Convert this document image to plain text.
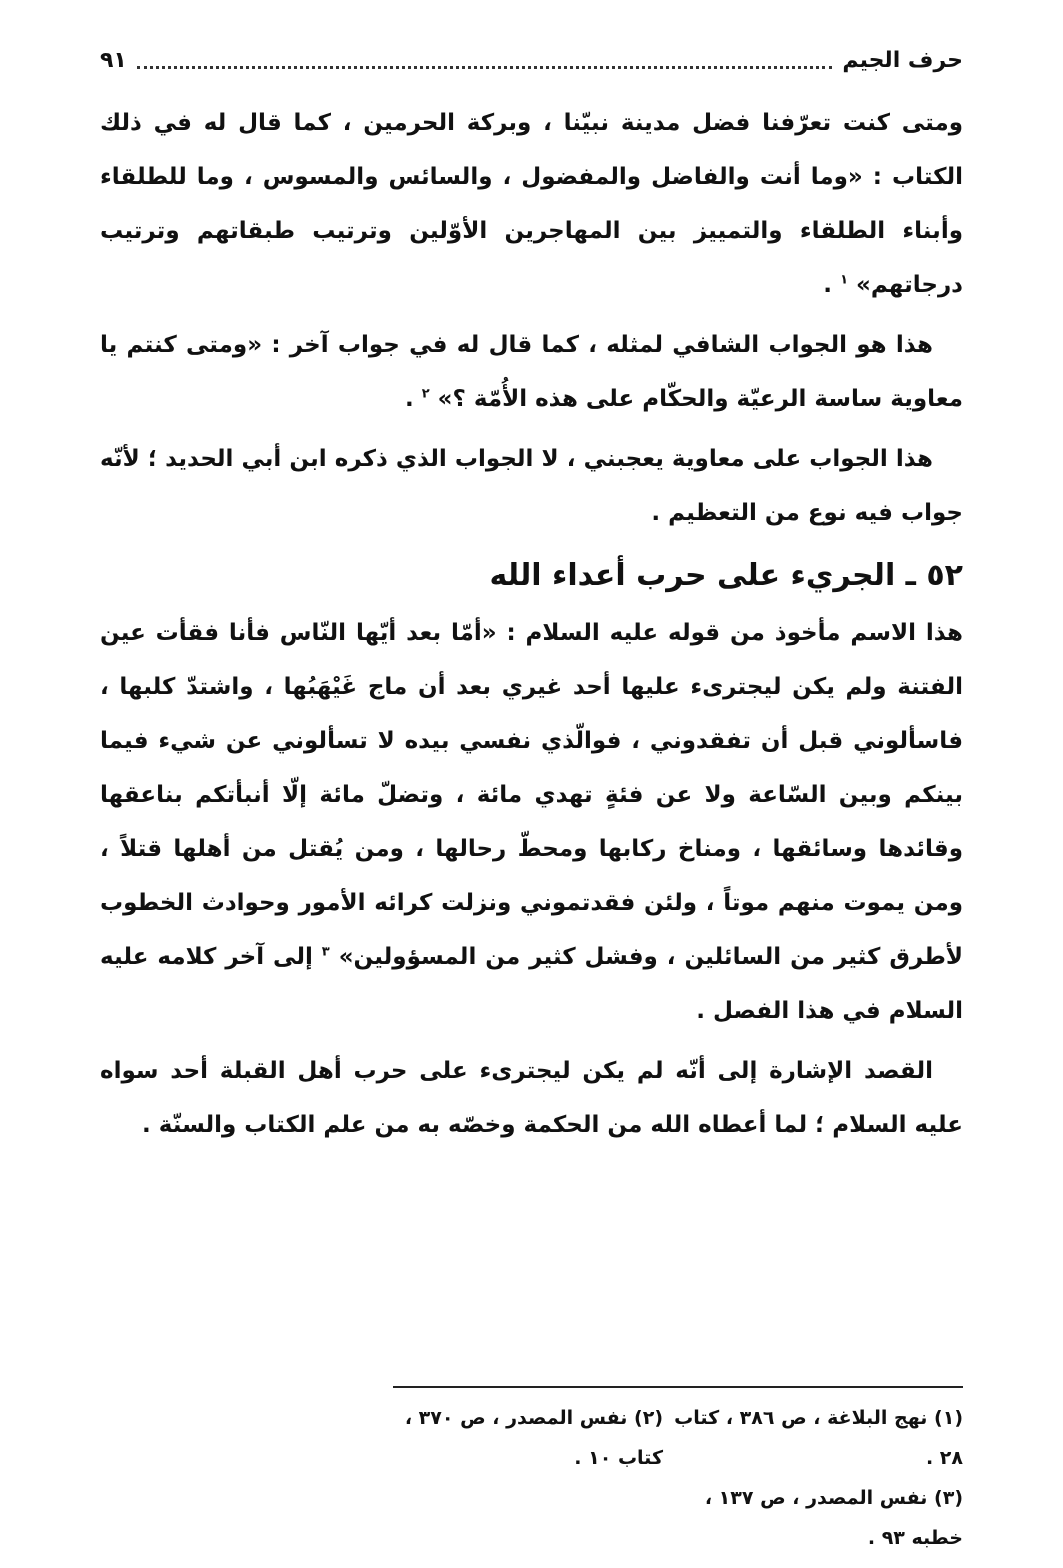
حرف الجيم
٩١

ومتى كنت تعرّفنا فضل مدينة نبيّنا ، وبركة الحرمين ، كما قال له في ذلك الكتاب : «وما أنت والفاضل والمفضول ، والسائس والمسوس ، وما للطلقاء وأبناء الطلقاء والتمييز بين المهاجرين الأوّلين وترتيب طبقاتهم وترتيب درجاتهم» $^١$ .

هذا هو الجواب الشافي لمثله ، كما قال له في جواب آخر : «ومتى كنتم يا معاوية ساسة الرعيّة والحكّام على هذه الأُمّة ؟» $^٢$ .

هذا الجواب على معاوية يعجبني ، لا الجواب الذي ذكره ابن أبي الحديد ؛ لأنّه جواب فيه نوع من التعظيم .

٥٢ ـ الجريء على حرب أعداء الله

هذا الاسم مأخوذ من قوله عليه السلام : «أمّا بعد أيّها النّاس فأنا فقأت عين الفتنة ولم يكن ليجترىء عليها أحد غيري بعد أن ماج غَيْهَبُها ، واشتدّ كلبها ، فاسألوني قبل أن تفقدوني ، فوالّذي نفسي بيده لا تسألوني عن شيء فيما بينكم وبين السّاعة ولا عن فئةٍ تهدي مائة ، وتضلّ مائة إلّا أنبأتكم بناعقها وقائدها وسائقها ، ومناخ ركابها ومحطّ رحالها ، ومن يُقتل من أهلها قتلاً ، ومن يموت منهم موتاً ، ولئن فقدتموني ونزلت كرائه الأمور وحوادث الخطوب لأطرق كثير من السائلين ، وفشل كثير من المسؤولين» $^٣$ إلى آخر كلامه عليه السلام في هذا الفصل .

القصد الإشارة إلى أنّه لم يكن ليجترىء على حرب أهل القبلة أحد سواه عليه السلام ؛ لما أعطاه الله من الحكمة وخصّه به من علم الكتاب والسنّة .

(١) نهج البلاغة ، ص ٣٨٦ ، كتاب ٢٨ .
(٢) نفس المصدر ، ص ٣٧٠ ، كتاب ١٠ .
(٣) نفس المصدر ، ص ١٣٧ ، خطبه ٩٣ .
